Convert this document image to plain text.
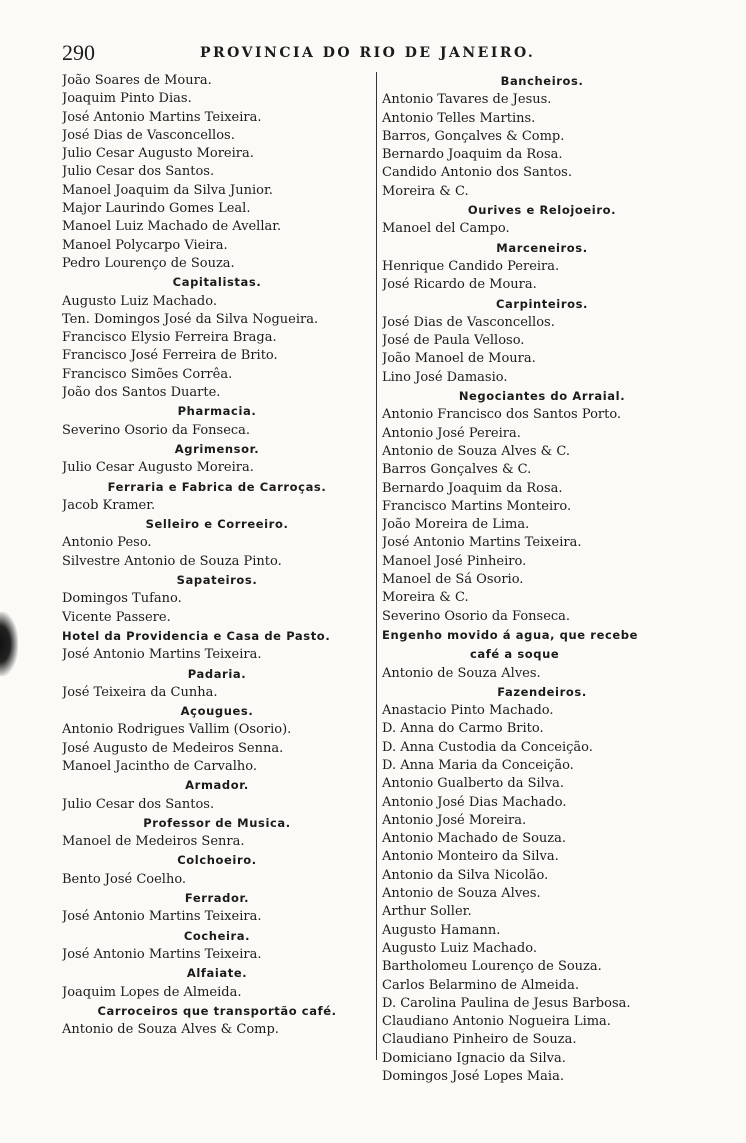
290	PROVINCIA DO RIO DE JANEIRO.
João Soares de Moura.
Joaquim Pinto Dias.
José Antonio Martins Teixeira.
José Dias de Vasconcellos.
Julio Cesar Augusto Moreira.
Julio Cesar dos Santos.
Manoel Joaquim da Silva Junior.
Major Laurindo Gomes Leal.
Manoel Luiz Machado de Avellar.
Manoel Polycarpo Vieira.
Pedro Lourenço de Souza.
Capitalistas.
Augusto Luiz Machado.
Ten. Domingos José da Silva Nogueira.
Francisco Elysio Ferreira Braga.
Francisco José Ferreira de Brito.
Francisco Simões Corrêa.
João dos Santos Duarte.
Pharmacia.
Severino Osorio da Fonseca.
Agrimensor.
Julio Cesar Augusto Moreira.
Ferraria e Fabrica de Carroças.
Jacob Kramer.
Selleiro e Correeiro.
Antonio Peso.
Silvestre Antonio de Souza Pinto.
Sapateiros.
Domingos Tufano.
Vicente Passere.
Hotel da Providencia e Casa de Pasto.
José Antonio Martins Teixeira.
Padaria.
José Teixeira da Cunha.
Açougues.
Antonio Rodrigues Vallim (Osorio).
José Augusto de Medeiros Senna.
Manoel Jacintho de Carvalho.
Armador.
Julio Cesar dos Santos.
Professor de Musica.
Manoel de Medeiros Senra.
Colchoeiro.
Bento José Coelho.
Ferrador.
José Antonio Martins Teixeira.
Cocheira.
José Antonio Martins Teixeira.
Alfaiate.
Joaquim Lopes de Almeida.
Carroceiros que transportão café.
Antonio de Souza Alves & Comp.
Bancheiros.
Antonio Tavares de Jesus.
Antonio Telles Martins.
Barros, Gonçalves & Comp.
Bernardo Joaquim da Rosa.
Candido Antonio dos Santos.
Moreira & C.
Ourives e Relojoeiro.
Manoel del Campo.
Marceneiros.
Henrique Candido Pereira.
José Ricardo de Moura.
Carpinteiros.
José Dias de Vasconcellos.
José de Paula Velloso.
João Manoel de Moura.
Lino José Damasio.
Negociantes do Arraial.
Antonio Francisco dos Santos Porto.
Antonio José Pereira.
Antonio de Souza Alves & C.
Barros Gonçalves & C.
Bernardo Joaquim da Rosa.
Francisco Martins Monteiro.
João Moreira de Lima.
José Antonio Martins Teixeira.
Manoel José Pinheiro.
Manoel de Sá Osorio.
Moreira & C.
Severino Osorio da Fonseca.
Engenho movido á agua, que recebe
café a soque
Antonio de Souza Alves.
Fazendeiros.
Anastacio Pinto Machado.
D. Anna do Carmo Brito.
D. Anna Custodia da Conceição.
D. Anna Maria da Conceição.
Antonio Gualberto da Silva.
Antonio José Dias Machado.
Antonio José Moreira.
Antonio Machado de Souza.
Antonio Monteiro da Silva.
Antonio da Silva Nicolão.
Antonio de Souza Alves.
Arthur Soller.
Augusto Hamann.
Augusto Luiz Machado.
Bartholomeu Lourenço de Souza.
Carlos Belarmino de Almeida.
D. Carolina Paulina de Jesus Barbosa.
Claudiano Antonio Nogueira Lima.
Claudiano Pinheiro de Souza.
Domiciano Ignacio da Silva.
Domingos José Lopes Maia.
